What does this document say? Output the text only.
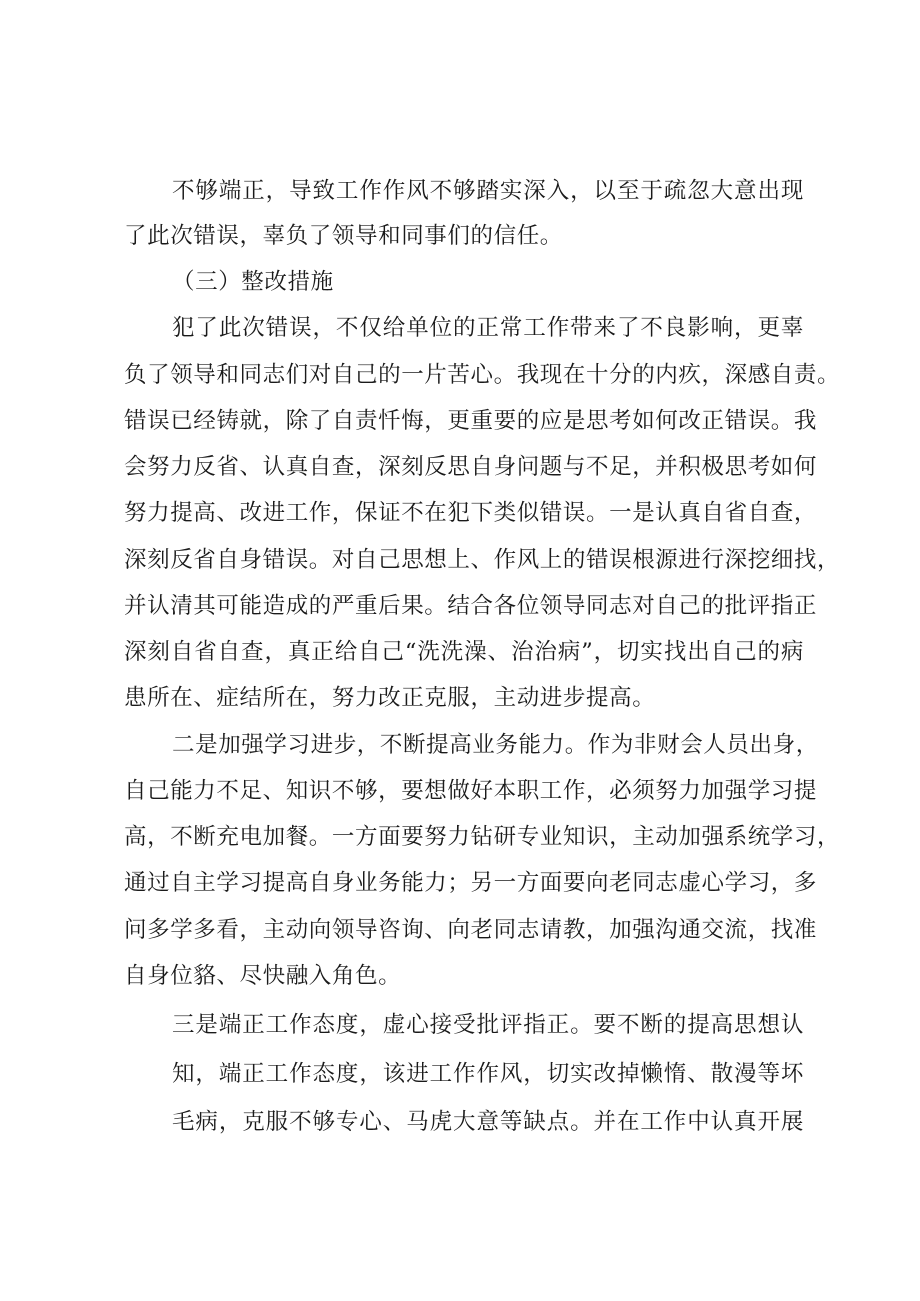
不够端正，导致工作作风不够踏实深入，以至于疏忽大意出现
了此次错误，辜负了领导和同事们的信任。
（三）整改措施
犯了此次错误，不仅给单位的正常工作带来了不良影响，更辜
负了领导和同志们对自己的一片苦心。我现在十分的内疚，深感自责。
错误已经铸就，除了自责忏悔，更重要的应是思考如何改正错误。我
会努力反省、认真自查，深刻反思自身问题与不足，并积极思考如何
努力提高、改进工作，保证不在犯下类似错误。一是认真自省自查，
深刻反省自身错误。对自己思想上、作风上的错误根源进行深挖细找，
并认清其可能造成的严重后果。结合各位领导同志对自己的批评指正
深刻自省自查，真正给自己“洗洗澡、治治病”，切实找出自己的病
患所在、症结所在，努力改正克服，主动进步提高。
二是加强学习进步，不断提高业务能力。作为非财会人员出身，
自己能力不足、知识不够，要想做好本职工作，必须努力加强学习提
高，不断充电加餐。一方面要努力钻研专业知识，主动加强系统学习，
通过自主学习提高自身业务能力；另一方面要向老同志虚心学习，多
问多学多看，主动向领导咨询、向老同志请教，加强沟通交流，找准
自身位貉、尽快融入角色。
三是端正工作态度，虚心接受批评指正。要不断的提高思想认
知，端正工作态度，该进工作作风，切实改掉懒惰、散漫等坏
毛病，克服不够专心、马虎大意等缺点。并在工作中认真开展
